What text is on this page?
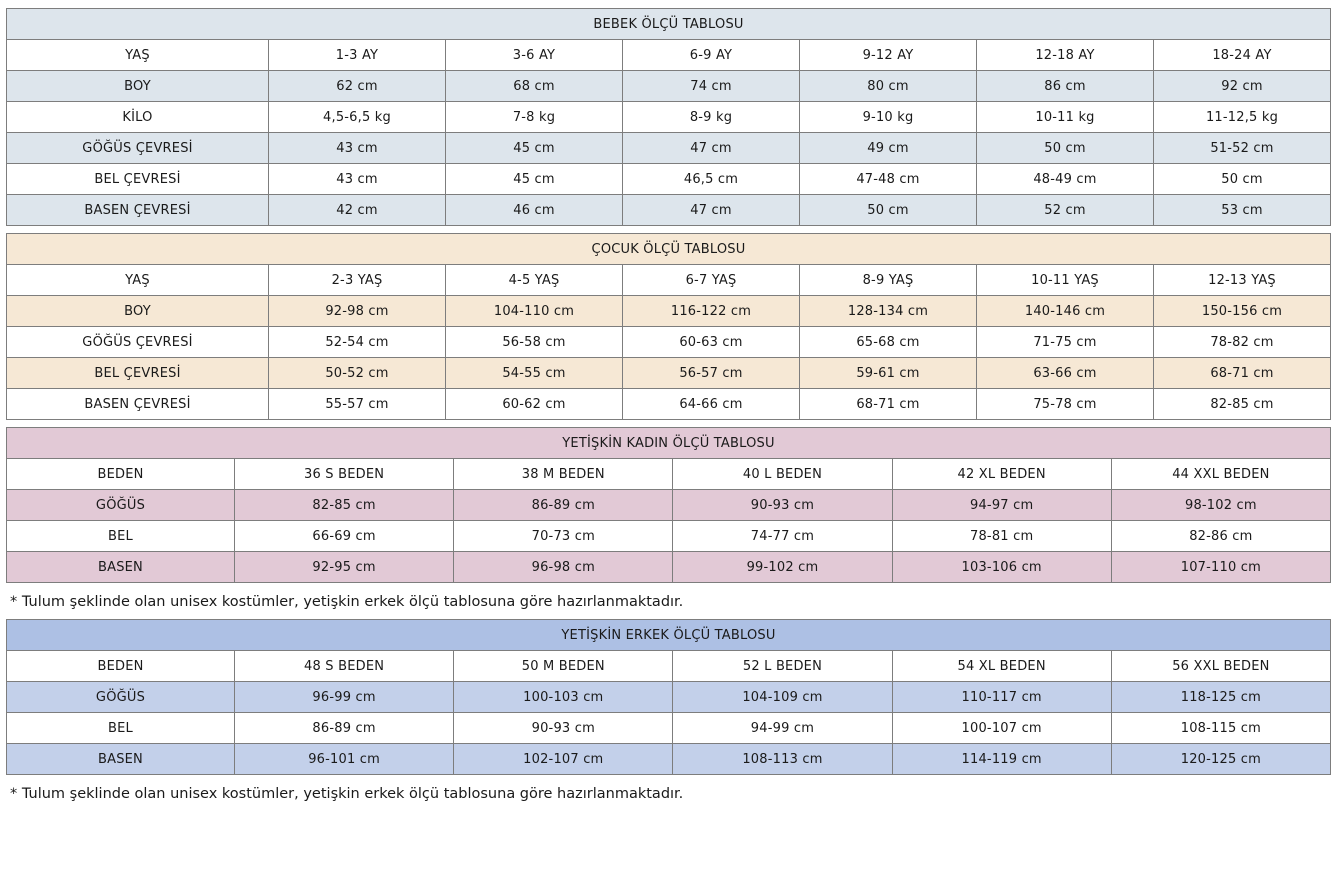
BEBEK ÖLÇÜ TABLOSU						
YAŞ	1-3 AY	3-6 AY	6-9 AY	9-12 AY	12-18 AY	18-24 AY
BOY	62 cm	68 cm	74 cm	80 cm	86 cm	92 cm
KİLO	4,5-6,5 kg	7-8 kg	8-9 kg	9-10 kg	10-11 kg	11-12,5 kg
GÖĞÜS ÇEVRESİ	43 cm	45 cm	47 cm	49 cm	50 cm	51-52 cm
BEL ÇEVRESİ	43 cm	45 cm	46,5 cm	47-48 cm	48-49 cm	50 cm
BASEN ÇEVRESİ	42 cm	46 cm	47 cm	50 cm	52 cm	53 cm
ÇOCUK ÖLÇÜ TABLOSU						
YAŞ	2-3 YAŞ	4-5 YAŞ	6-7 YAŞ	8-9 YAŞ	10-11 YAŞ	12-13 YAŞ
BOY	92-98 cm	104-110 cm	116-122 cm	128-134 cm	140-146 cm	150-156 cm
GÖĞÜS ÇEVRESİ	52-54 cm	56-58 cm	60-63 cm	65-68 cm	71-75 cm	78-82 cm
BEL ÇEVRESİ	50-52 cm	54-55 cm	56-57 cm	59-61 cm	63-66 cm	68-71 cm
BASEN ÇEVRESİ	55-57 cm	60-62 cm	64-66 cm	68-71 cm	75-78 cm	82-85 cm
YETİŞKİN KADIN ÖLÇÜ TABLOSU					
BEDEN	36 S BEDEN	38 M BEDEN	40 L BEDEN	42 XL BEDEN	44 XXL BEDEN
GÖĞÜS	82-85 cm	86-89 cm	90-93 cm	94-97 cm	98-102 cm
BEL	66-69 cm	70-73 cm	74-77 cm	78-81 cm	82-86 cm
BASEN	92-95 cm	96-98 cm	99-102 cm	103-106 cm	107-110 cm
* Tulum şeklinde olan unisex kostümler, yetişkin erkek ölçü tablosuna göre hazırlanmaktadır.
YETİŞKİN ERKEK ÖLÇÜ TABLOSU					
BEDEN	48 S BEDEN	50 M BEDEN	52 L BEDEN	54 XL BEDEN	56 XXL BEDEN
GÖĞÜS	96-99 cm	100-103 cm	104-109 cm	110-117 cm	118-125 cm
BEL	86-89 cm	90-93 cm	94-99 cm	100-107 cm	108-115 cm
BASEN	96-101 cm	102-107 cm	108-113 cm	114-119 cm	120-125 cm
* Tulum şeklinde olan unisex kostümler, yetişkin erkek ölçü tablosuna göre hazırlanmaktadır.
